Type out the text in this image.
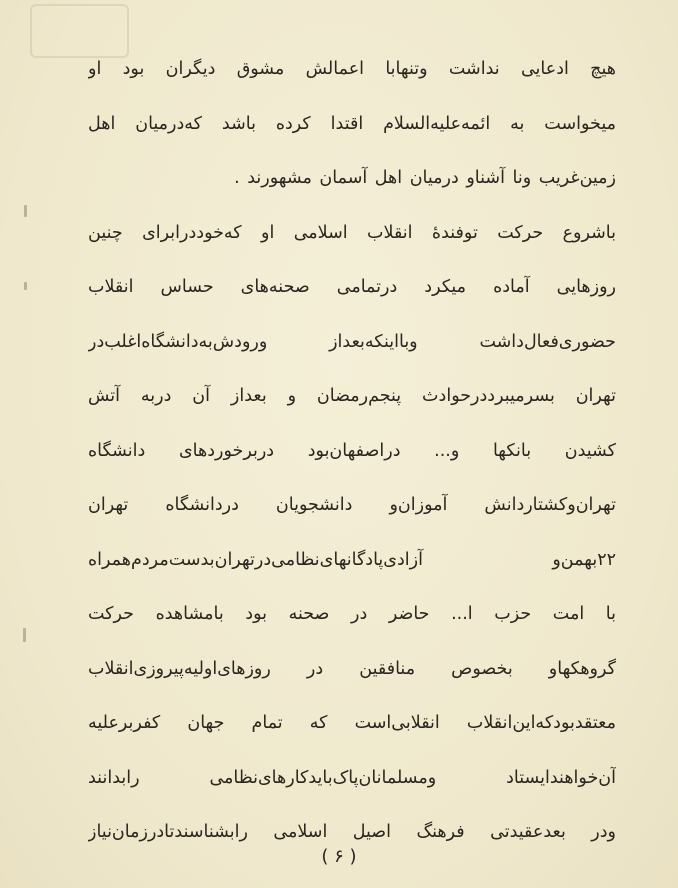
هیچ ادعایی نداشت وتنهابا اعمالش مشوق دیگران بود او
میخواست به ائمه‌علیه‌السلام اقتدا کرده باشد که‌درمیان اهل
زمین‌غریب ونا آشناو درمیان اهل آسمان مشهورند .
باشروع حرکت توفندهٔ انقلاب اسلامی او که‌خود‌در‌ابرای چنین
روزهایی آماده میکرد در‌تمامی صحنه‌های حساس انقلاب
حضوری‌فعال‌داشت وبااینکه‌بعداز ورودش‌به‌دانشگاه‌اغلب‌در
تهران بسرمیبرددر‌حوادث پنجم‌رمضان و بعداز آن در‌به آتش
کشیدن بانکها و... در‌اصفهان‌بود در‌برخوردهای دانشگاه
تهران‌وکشتار‌دانش آموزان‌و دانشجویان در‌دانشگاه تهران
۲۲بهمن‌و آزادی‌پادگانهای‌نظامی‌در‌تهران‌بدست‌مردم‌همراه
با امت حزب ا... حاضر در صحنه بود بامشاهده حرکت
گروهکهاو بخصوص منافقین در روزهای‌اولیه‌پیروزی‌انقلاب
معتقد‌بود‌که‌این‌انقلاب انقلابی‌است که تمام جهان کفر‌بر‌علیه
آن‌خواهند‌ایستاد ومسلمانان‌پاک‌باید‌کارهای‌نظامی رابدانند
ودر بعد‌عقیدتی فرهنگ‌ اصیل اسلامی رابشناسند‌تا‌در‌زمان‌نیاز
( ۶ )
